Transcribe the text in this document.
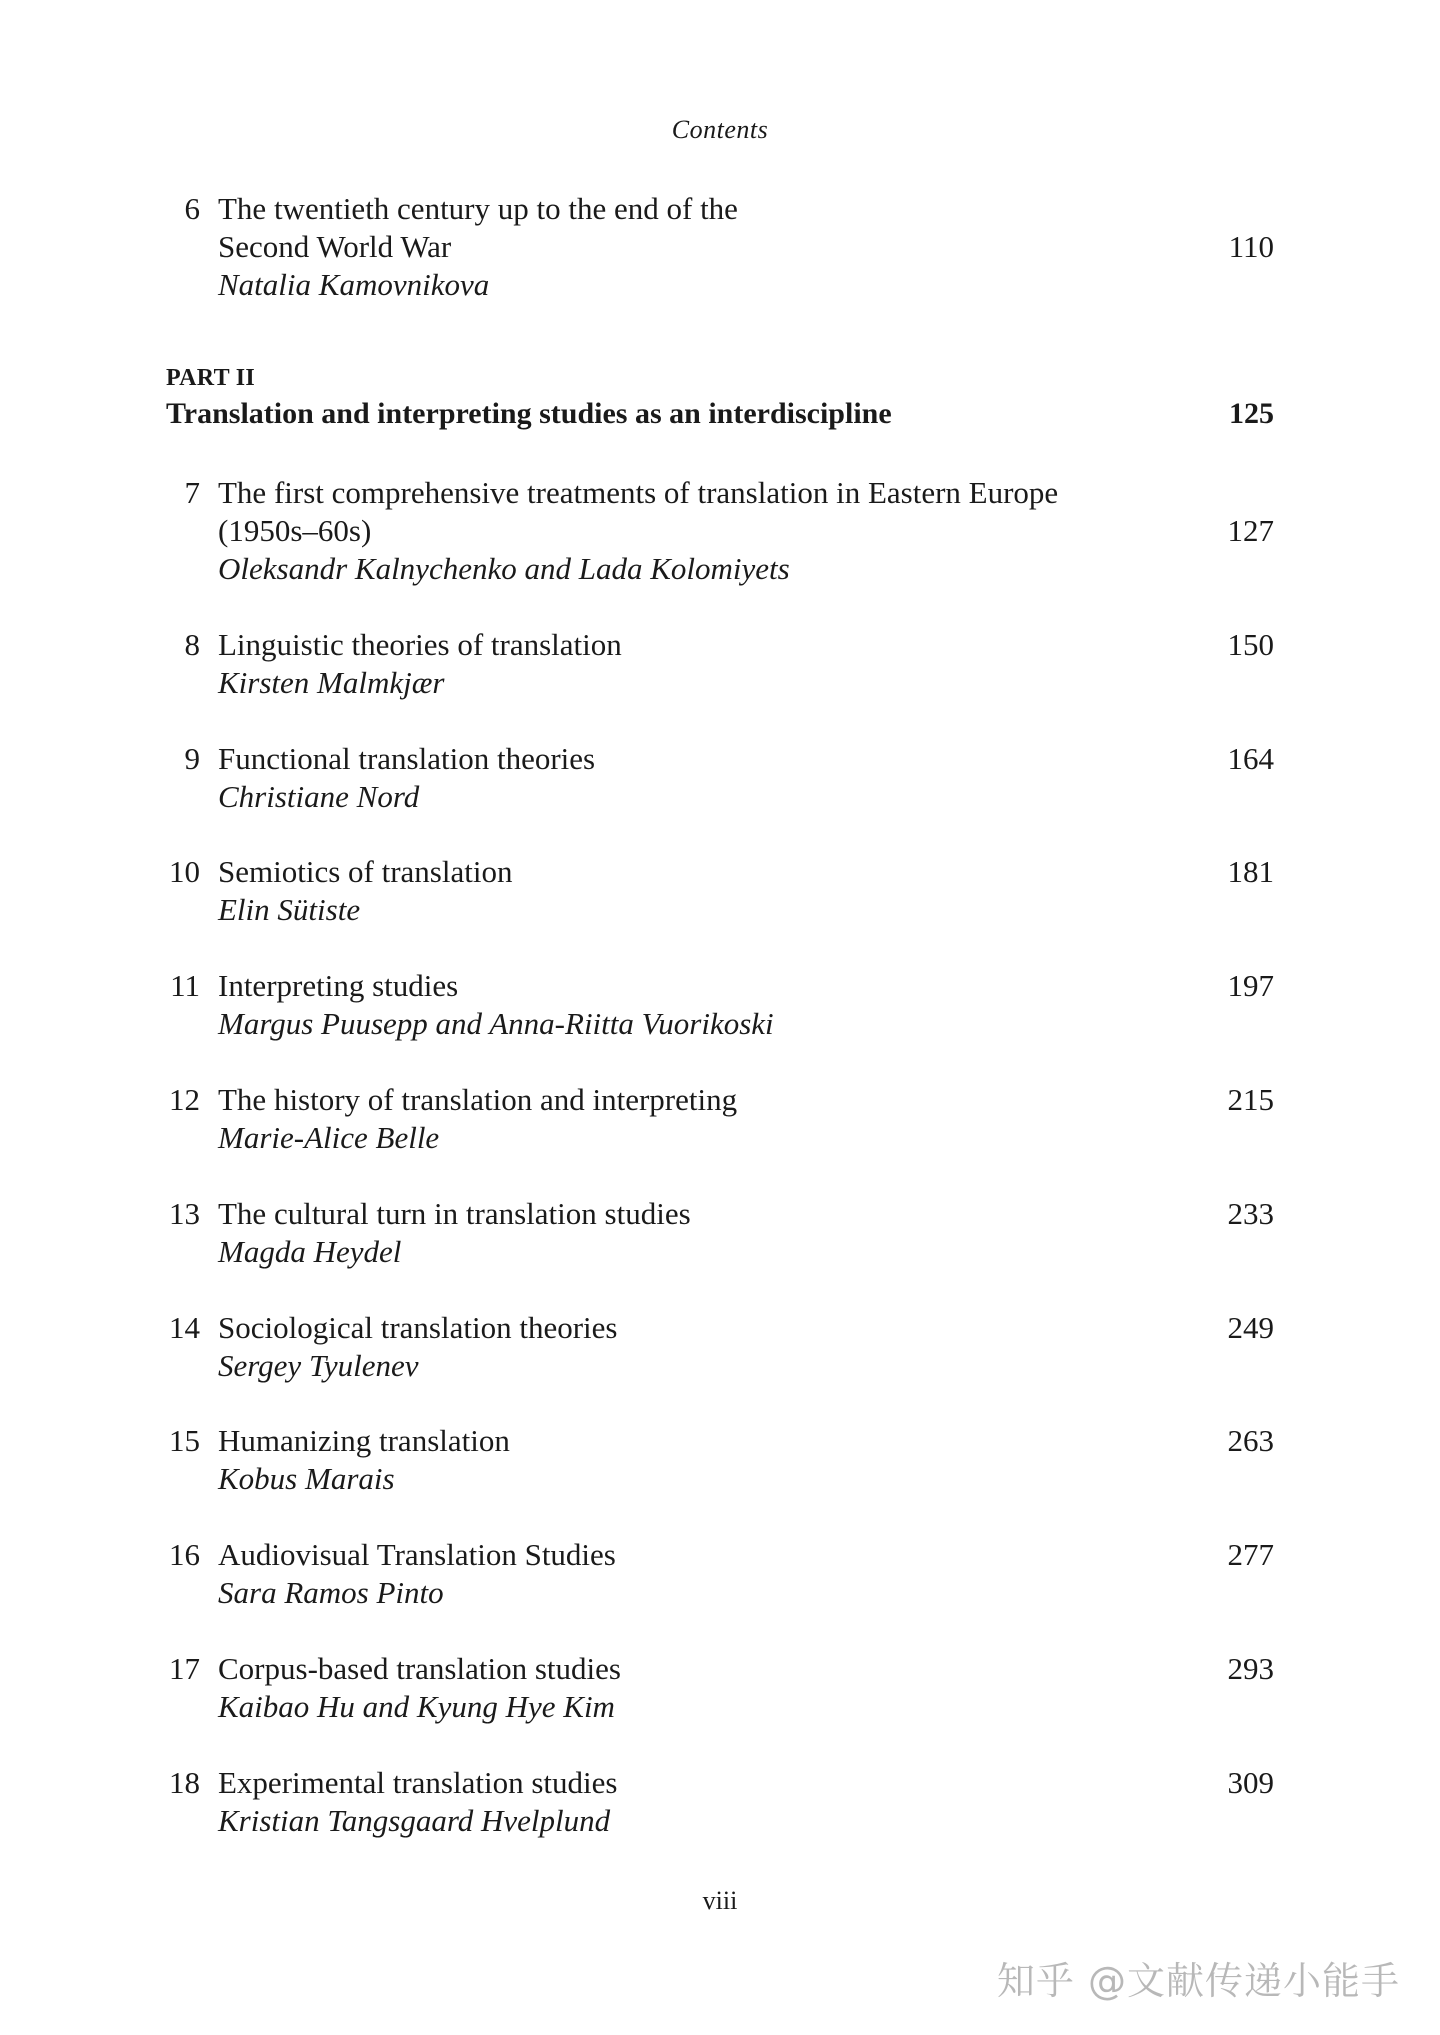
Contents
6 The twentieth century up to the end of the
Second World War
Natalia Kamovnikova
110
7 The first comprehensive treatments of translation in Eastern Europe
(1950s–60s)
Oleksandr Kalnychenko and Lada Kolomiyets
127
8 Linguistic theories of translation
Kirsten Malmkjær
150
9 Functional translation theories
Christiane Nord
164
10 Semiotics of translation
Elin Sütiste
181
11 Interpreting studies
Margus Puusepp and Anna-Riitta Vuorikoski
197
12 The history of translation and interpreting
Marie-Alice Belle
215
13 The cultural turn in translation studies
Magda Heydel
233
14 Sociological translation theories
Sergey Tyulenev
249
15 Humanizing translation
Kobus Marais
263
16 Audiovisual Translation Studies
Sara Ramos Pinto
277
17 Corpus-based translation studies
Kaibao Hu and Kyung Hye Kim
293
18 Experimental translation studies
Kristian Tangsgaard Hvelplund
309
PART II
Translation and interpreting studies as an interdiscipline	125
viii
知乎 @文献传递小能手
